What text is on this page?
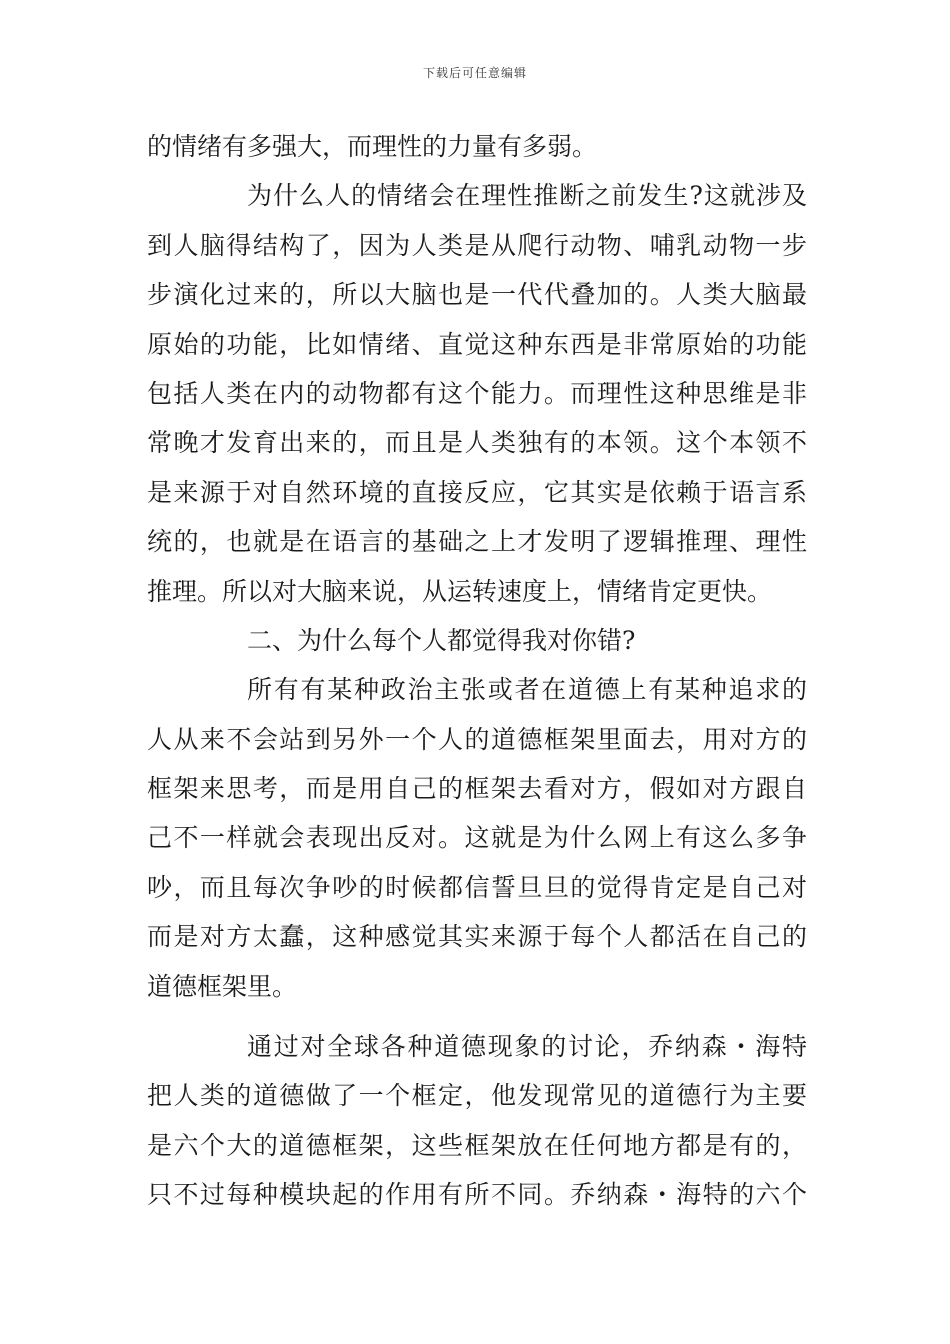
下载后可任意编辑
的情绪有多强大，而理性的力量有多弱。
为什么人的情绪会在理性推断之前发生?这就涉及
到人脑得结构了，因为人类是从爬行动物、哺乳动物一步
步演化过来的，所以大脑也是一代代叠加的。人类大脑最
原始的功能，比如情绪、直觉这种东西是非常原始的功能
包括人类在内的动物都有这个能力。而理性这种思维是非
常晚才发育出来的，而且是人类独有的本领。这个本领不
是来源于对自然环境的直接反应，它其实是依赖于语言系
统的，也就是在语言的基础之上才发明了逻辑推理、理性
推理。所以对大脑来说，从运转速度上，情绪肯定更快。
二、为什么每个人都觉得我对你错?
所有有某种政治主张或者在道德上有某种追求的
人从来不会站到另外一个人的道德框架里面去，用对方的
框架来思考，而是用自己的框架去看对方，假如对方跟自
己不一样就会表现出反对。这就是为什么网上有这么多争
吵，而且每次争吵的时候都信誓旦旦的觉得肯定是自己对
而是对方太蠢，这种感觉其实来源于每个人都活在自己的
道德框架里。
通过对全球各种道德现象的讨论，乔纳森・海特
把人类的道德做了一个框定，他发现常见的道德行为主要
是六个大的道德框架，这些框架放在任何地方都是有的，
只不过每种模块起的作用有所不同。乔纳森・海特的六个
